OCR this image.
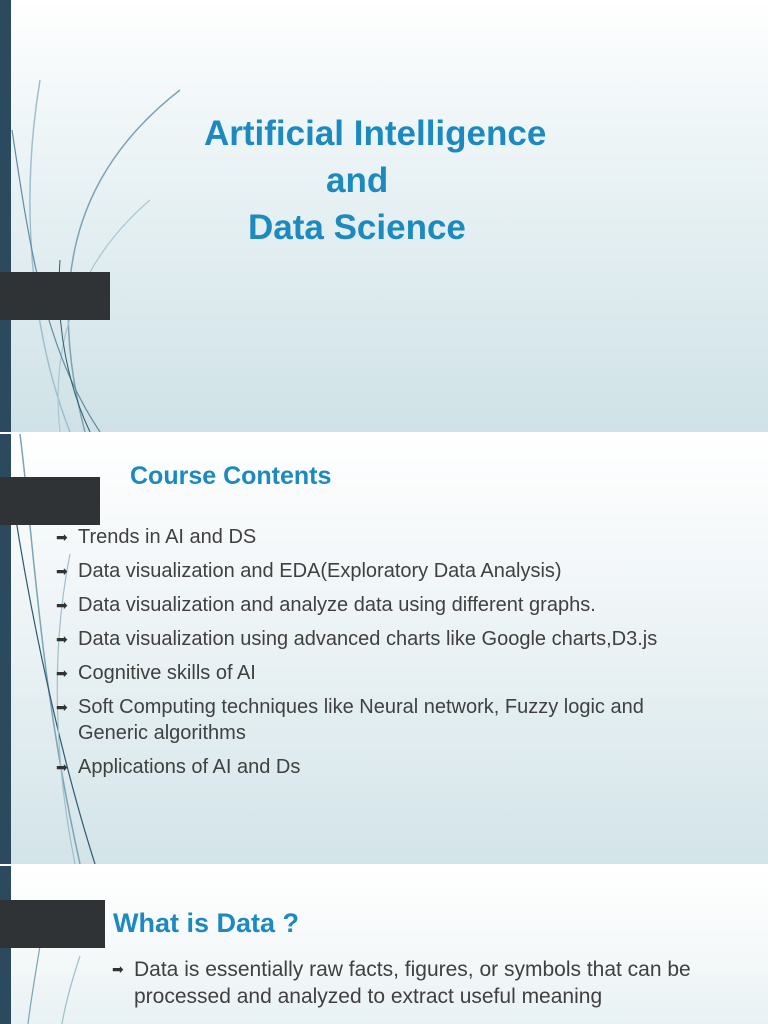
Artificial Intelligence
and
Data Science
Course Contents
➡ Trends in AI and DS
➡ Data visualization and EDA(Exploratory Data Analysis)
➡ Data visualization and analyze data using different graphs.
➡ Data visualization using advanced charts like Google charts,D3.js
➡ Cognitive skills of AI
➡ Soft Computing techniques like Neural network, Fuzzy logic and Generic algorithms
➡ Applications of AI and Ds
What is Data ?
➡ Data is essentially raw facts, figures, or symbols that can be processed and analyzed to extract useful meaning
